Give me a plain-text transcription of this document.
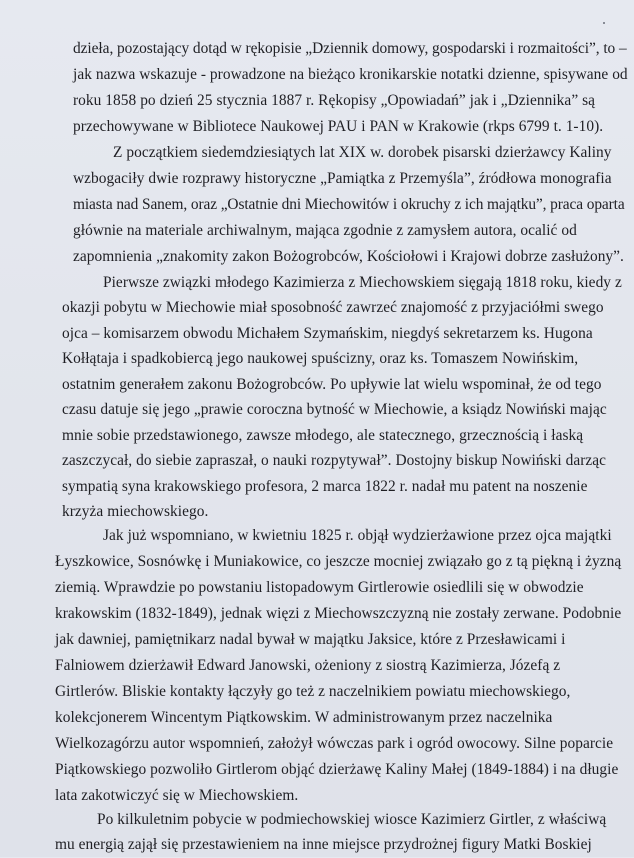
dzieła, pozostający dotąd w rękopisie „Dziennik domowy, gospodarski i rozmaitości”, to –
jak nazwa wskazuje - prowadzone na bieżąco kronikarskie notatki dzienne, spisywane od
roku 1858 po dzień 25 stycznia 1887 r. Rękopisy „Opowiadań” jak i „Dziennika” są
przechowywane w Bibliotece Naukowej PAU i PAN w Krakowie (rkps 6799 t. 1-10).
Z początkiem siedemdziesiątych lat XIX w. dorobek pisarski dzierżawcy Kaliny
wzbogaciły dwie rozprawy historyczne „Pamiątka z Przemyśla”, źródłowa monografia
miasta nad Sanem, oraz „Ostatnie dni Miechowitów i okruchy z ich majątku”, praca oparta
głównie na materiale archiwalnym, mająca zgodnie z zamysłem autora, ocalić od
zapomnienia „znakomity zakon Bożogrobców, Kościołowi i Krajowi dobrze zasłużony”.
Pierwsze związki młodego Kazimierza z Miechowskiem sięgają 1818 roku, kiedy z
okazji pobytu w Miechowie miał sposobność zawrzeć znajomość z przyjaciółmi swego
ojca – komisarzem obwodu Michałem Szymańskim, niegdyś sekretarzem ks. Hugona
Kołłątaja i spadkobiercą jego naukowej spuścizny, oraz ks. Tomaszem Nowińskim,
ostatnim generałem zakonu Bożogrobców. Po upływie lat wielu wspominał, że od tego
czasu datuje się jego „prawie coroczna bytność w Miechowie, a ksiądz Nowiński mając
mnie sobie przedstawionego, zawsze młodego, ale statecznego, grzecznością i łaską
zaszczycał, do siebie zapraszał, o nauki rozpytywał”. Dostojny biskup Nowiński darząc
sympatią syna krakowskiego profesora, 2 marca 1822 r. nadał mu patent na noszenie
krzyża miechowskiego.
Jak już wspomniano, w kwietniu 1825 r. objął wydzierżawione przez ojca majątki
Łyszkowice, Sosnówkę i Muniakowice, co jeszcze mocniej związało go z tą piękną i żyzną
ziemią. Wprawdzie po powstaniu listopadowym Girtlerowie osiedlili się w obwodzie
krakowskim (1832-1849), jednak więzi z Miechowszczyzną nie zostały zerwane. Podobnie
jak dawniej, pamiętnikarz nadal bywał w majątku Jaksice, które z Przesławicami i
Falniowem dzierżawił Edward Janowski, ożeniony z siostrą Kazimierza, Józefą z
Girtlerów. Bliskie kontakty łączyły go też z naczelnikiem powiatu miechowskiego,
kolekcjonerem Wincentym Piątkowskim. W administrowanym przez naczelnika
Wielkozagórzu autor wspomnień, założył wówczas park i ogród owocowy. Silne poparcie
Piątkowskiego pozwoliło Girtlerom objąć dzierżawę Kaliny Małej (1849-1884) i na długie
lata zakotwiczyć się w Miechowskiem.
Po kilkuletnim pobycie w podmiechowskiej wiosce Kazimierz Girtler, z właściwą
mu energią zajął się przestawieniem na inne miejsce przydrożnej figury Matki Boskiej
